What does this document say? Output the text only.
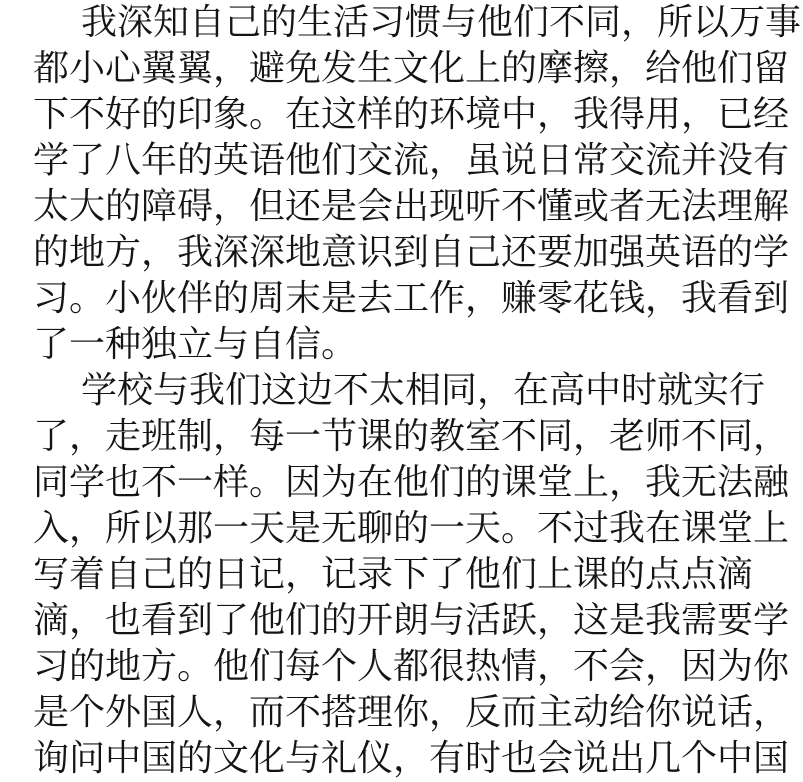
我深知自己的生活习惯与他们不同，所以万事
都小心翼翼，避免发生文化上的摩擦，给他们留
下不好的印象。在这样的环境中，我得用，已经
学了八年的英语他们交流，虽说日常交流并没有
太大的障碍，但还是会出现听不懂或者无法理解
的地方，我深深地意识到自己还要加强英语的学
习。小伙伴的周末是去工作，赚零花钱，我看到
了一种独立与自信。
学校与我们这边不太相同，在高中时就实行
了，走班制，每一节课的教室不同，老师不同，
同学也不一样。因为在他们的课堂上，我无法融
入，所以那一天是无聊的一天。不过我在课堂上
写着自己的日记，记录下了他们上课的点点滴
滴，也看到了他们的开朗与活跃，这是我需要学
习的地方。他们每个人都很热情，不会，因为你
是个外国人，而不搭理你，反而主动给你说话，
询问中国的文化与礼仪，有时也会说出几个中国
